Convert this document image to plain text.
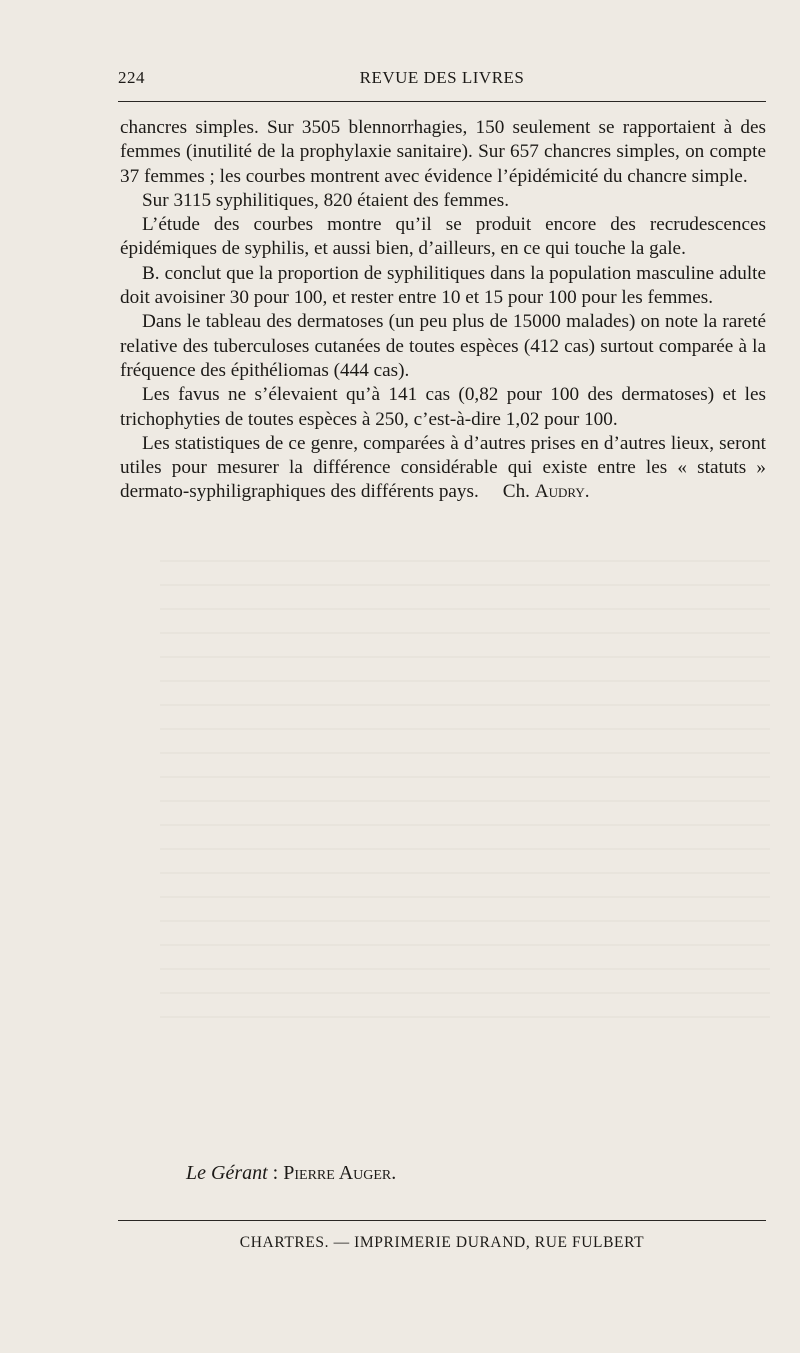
224	REVUE DES LIVRES

chancres simples. Sur 3505 blennorrhagies, 150 seulement se rapportaient à des femmes (inutilité de la prophylaxie sanitaire). Sur 657 chancres simples, on compte 37 femmes ; les courbes montrent avec évidence l’épidémicité du chancre simple.

Sur 3115 syphilitiques, 820 étaient des femmes.

L’étude des courbes montre qu’il se produit encore des recrudescences épidémiques de syphilis, et aussi bien, d’ailleurs, en ce qui touche la gale.

B. conclut que la proportion de syphilitiques dans la population masculine adulte doit avoisiner 30 pour 100, et rester entre 10 et 15 pour 100 pour les femmes.

Dans le tableau des dermatoses (un peu plus de 15000 malades) on note la rareté relative des tuberculoses cutanées de toutes espèces (412 cas) surtout comparée à la fréquence des épithéliomas (444 cas).

Les favus ne s’élevaient qu’à 141 cas (0,82 pour 100 des dermatoses) et les trichophyties de toutes espèces à 250, c’est-à-dire 1,02 pour 100.

Les statistiques de ce genre, comparées à d’autres prises en d’autres lieux, seront utiles pour mesurer la différence considérable qui existe entre les « statuts » dermato-syphiligraphiques des différents pays. Ch. Audry.

Le Gérant : Pierre Auger.
CHARTRES. — IMPRIMERIE DURAND, RUE FULBERT
